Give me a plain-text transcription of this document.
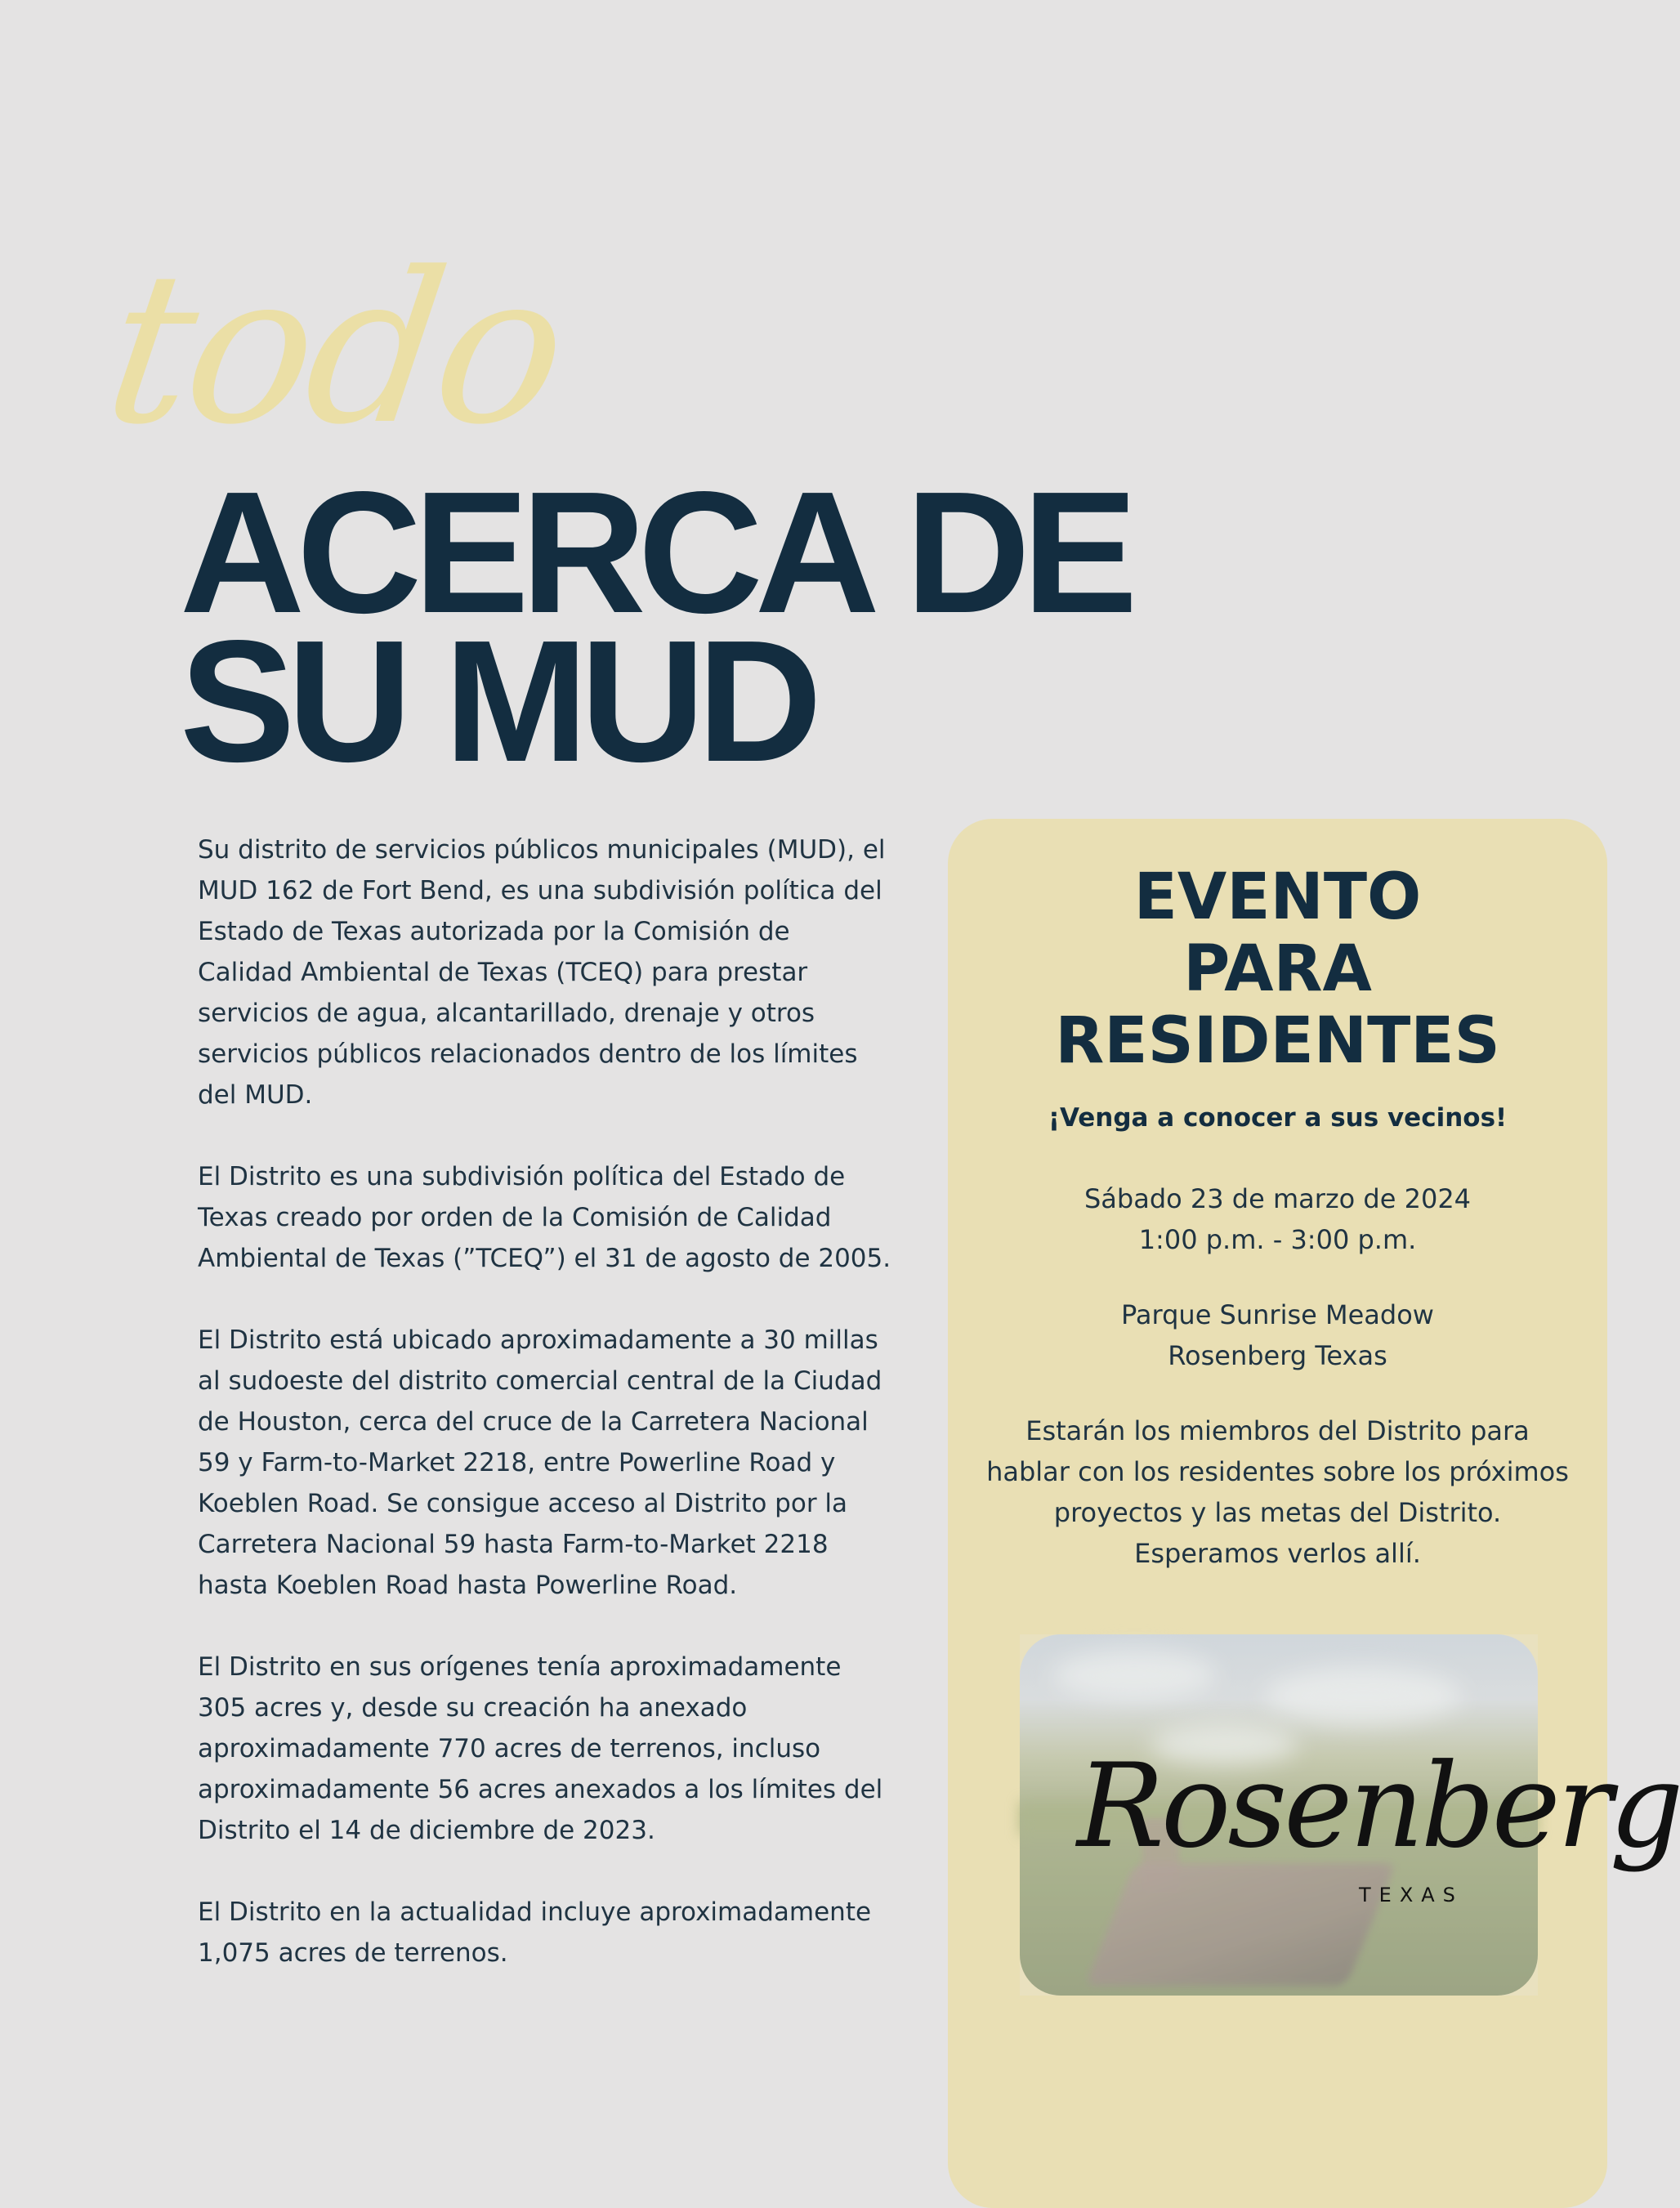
todo
ACERCA DE
SU MUD

Su distrito de servicios públicos municipales (MUD), el MUD 162 de Fort Bend, es una subdivisión política del Estado de Texas autorizada por la Comisión de Calidad Ambiental de Texas (TCEQ) para prestar servicios de agua, alcantarillado, drenaje y otros servicios públicos relacionados dentro de los límites del MUD.

El Distrito es una subdivisión política del Estado de Texas creado por orden de la Comisión de Calidad Ambiental de Texas (”TCEQ”) el 31 de agosto de 2005.

El Distrito está ubicado aproximadamente a 30 millas al sudoeste del distrito comercial central de la Ciudad de Houston, cerca del cruce de la Carretera Nacional 59 y Farm-to-Market 2218, entre Powerline Road y Koeblen Road. Se consigue acceso al Distrito por la Carretera Nacional 59 hasta Farm-to-Market 2218 hasta Koeblen Road hasta Powerline Road.

El Distrito en sus orígenes tenía aproximadamente 305 acres y, desde su creación ha anexado aproximadamente 770 acres de terrenos, incluso aproximadamente 56 acres anexados a los límites del Distrito el 14 de diciembre de 2023.

El Distrito en la actualidad incluye aproximadamente 1,075 acres de terrenos.

EVENTO
PARA
RESIDENTES
¡Venga a conocer a sus vecinos!
Sábado 23 de marzo de 2024
1:00 p.m. - 3:00 p.m.
Parque Sunrise Meadow
Rosenberg Texas
Estarán los miembros del Distrito para hablar con los residentes sobre los próximos proyectos y las metas del Distrito. Esperamos verlos allí.
Rosenberg
TEXAS
